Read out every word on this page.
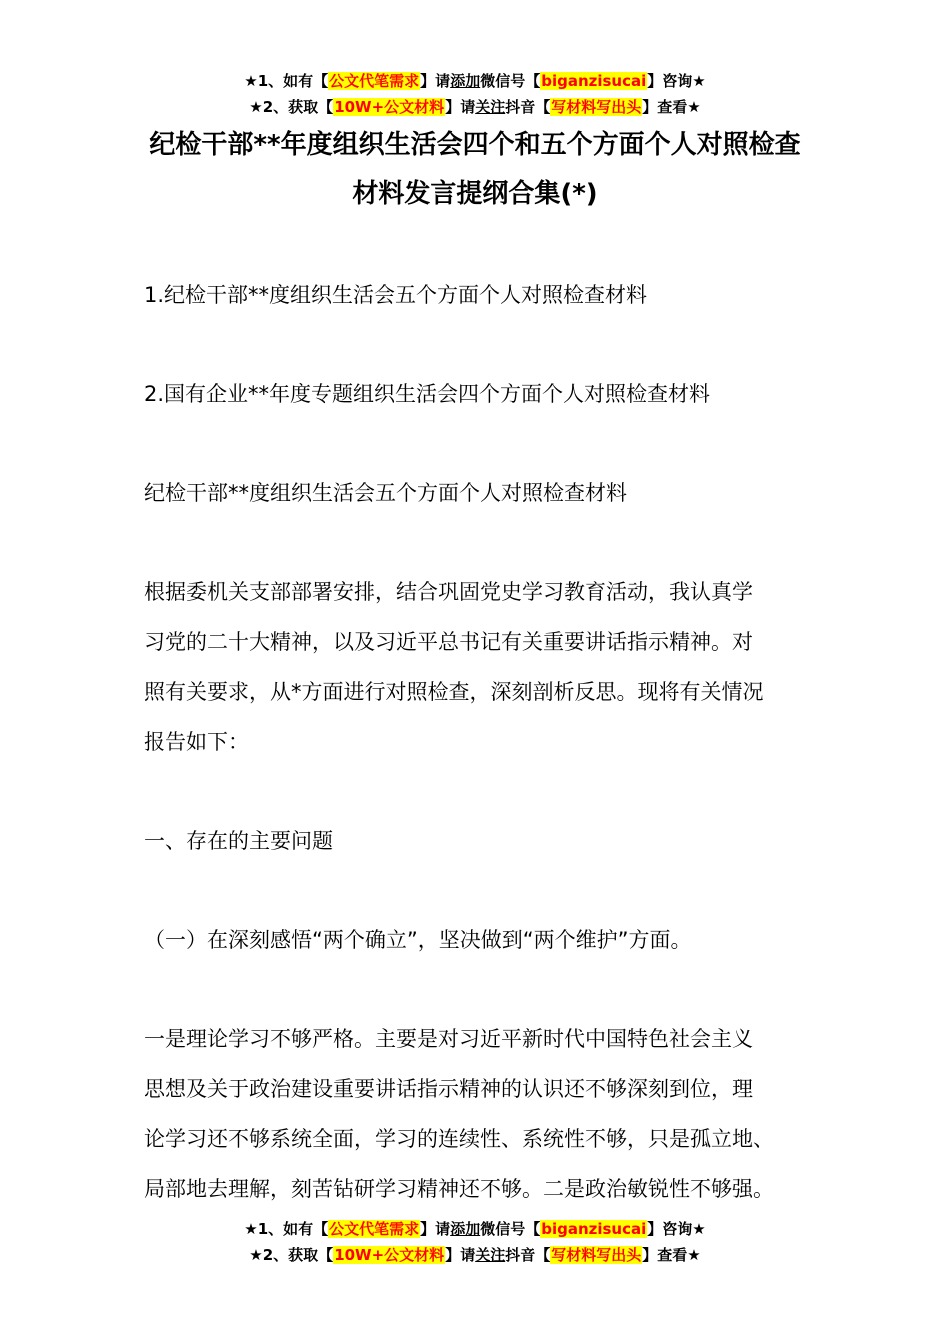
★1、如有【公文代笔需求】请添加微信号【biganzisucai】咨询★
★2、获取【10W+公文材料】请关注抖音【写材料写出头】查看★
纪检干部**年度组织生活会四个和五个方面个人对照检查
材料发言提纲合集(*)
1.纪检干部**度组织生活会五个方面个人对照检查材料
2.国有企业**年度专题组织生活会四个方面个人对照检查材料
纪检干部**度组织生活会五个方面个人对照检查材料
根据委机关支部部署安排，结合巩固党史学习教育活动，我认真学
习党的二十大精神，以及习近平总书记有关重要讲话指示精神。对
照有关要求，从*方面进行对照检查，深刻剖析反思。现将有关情况
报告如下：
一、存在的主要问题
（一）在深刻感悟“两个确立”，坚决做到“两个维护”方面。
一是理论学习不够严格。主要是对习近平新时代中国特色社会主义
思想及关于政治建设重要讲话指示精神的认识还不够深刻到位，理
论学习还不够系统全面，学习的连续性、系统性不够，只是孤立地、
局部地去理解，刻苦钻研学习精神还不够。二是政治敏锐性不够强。
★1、如有【公文代笔需求】请添加微信号【biganzisucai】咨询★
★2、获取【10W+公文材料】请关注抖音【写材料写出头】查看★
